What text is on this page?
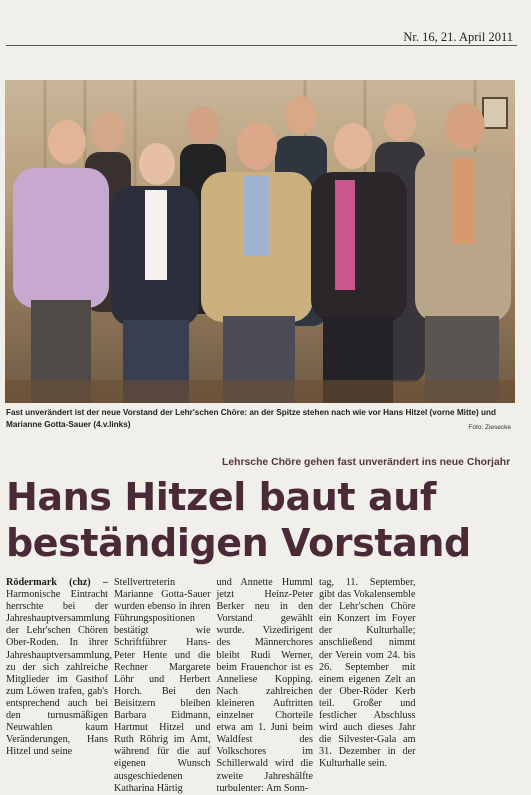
Nr. 16, 21. April 2011
Fast unverändert ist der neue Vorstand der Lehr'schen Chöre: an der Spitze stehen nach wie vor Hans Hitzel (vorne Mitte) und Marianne Gotta-Sauer (4.v.links)	Foto: Ziesecke
Lehrsche Chöre gehen fast unverändert ins neue Chorjahr
Hans Hitzel baut auf
beständigen Vorstand
Rödermark (chz) – Harmonische Eintracht herrschte bei der Jahreshauptversammlung der Lehr'schen Chören Ober-Roden. In ihrer Jahreshauptversammlung, zu der sich zahlreiche Mitglieder im Gasthof zum Löwen trafen, gab's entsprechend auch bei den turnusmäßigen Neuwahlen kaum Veränderungen, Hans Hitzel und seine
Stellvertreterin Marianne Gotta-Sauer wurden ebenso in ihren Führungspositionen bestätigt wie Schriftführer Hans-Peter Hente und die Rechner Margarete Löhr und Herbert Horch. Bei den Beisitzern bleiben Barbara Eidmann, Hartmut Hitzel und Ruth Röhrig im Amt, während für die auf eigenen Wunsch ausgeschiedenen Katharina Härtig
und Annette Humml jetzt Heinz-Peter Berker neu in den Vorstand gewählt wurde. Vizedirigent des Männerchores bleibt Rudi Werner, beim Frauenchor ist es Anneliese Kopping. Nach zahlreichen kleineren Auftritten einzelner Chorteile etwa am 1. Juni beim Waldfest des Volkschores im Schillerwald wird die zweite Jahreshälfte turbulenter: Am Sonn-
tag, 11. September, gibt das Vokalensemble der Lehr'schen Chöre ein Konzert im Foyer der Kulturhalle; anschließend nimmt der Verein vom 24. bis 26. September mit einem eigenen Zelt an der Ober-Röder Kerb teil. Großer und festlicher Abschluss wird auch dieses Jahr die Silvester-Gala am 31. Dezember in der Kulturhalle sein.
